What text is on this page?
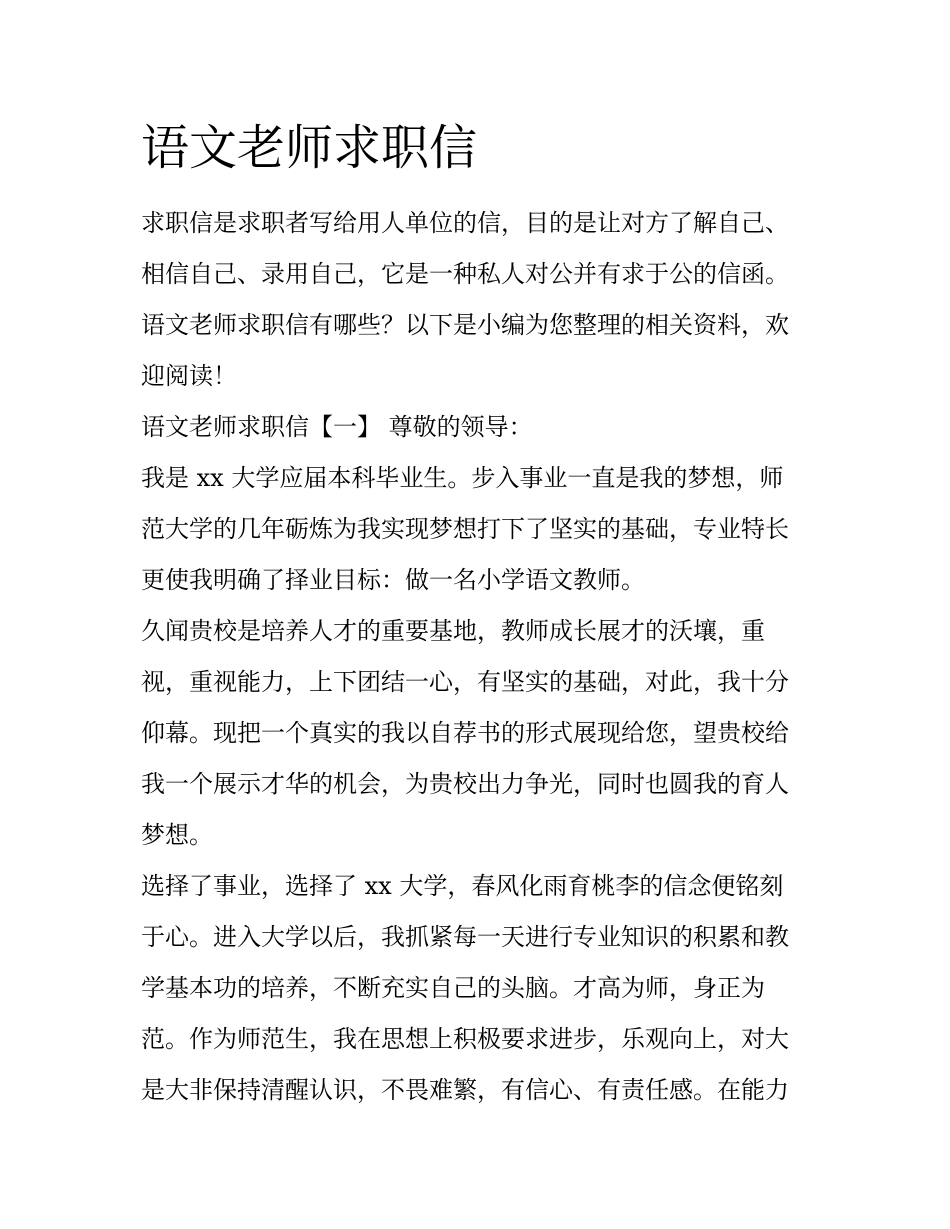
语文老师求职信

求职信是求职者写给用人单位的信，目的是让对方了解自己、

相信自己、录用自己，它是一种私人对公并有求于公的信函。

语文老师求职信有哪些？以下是小编为您整理的相关资料，欢

迎阅读！

语文老师求职信【一】 尊敬的领导：

我是 xx 大学应届本科毕业生。步入事业一直是我的梦想，师

范大学的几年砺炼为我实现梦想打下了坚实的基础，专业特长

更使我明确了择业目标：做一名小学语文教师。

久闻贵校是培养人才的重要基地，教师成长展才的沃壤，重

视，重视能力，上下团结一心，有坚实的基础，对此，我十分

仰幕。现把一个真实的我以自荐书的形式展现给您，望贵校给

我一个展示才华的机会，为贵校出力争光，同时也圆我的育人

梦想。

选择了事业，选择了 xx 大学，春风化雨育桃李的信念便铭刻

于心。进入大学以后，我抓紧每一天进行专业知识的积累和教

学基本功的培养，不断充实自己的头脑。才高为师，身正为

范。作为师范生，我在思想上积极要求进步，乐观向上，对大

是大非保持清醒认识，不畏难繁，有信心、有责任感。在能力
